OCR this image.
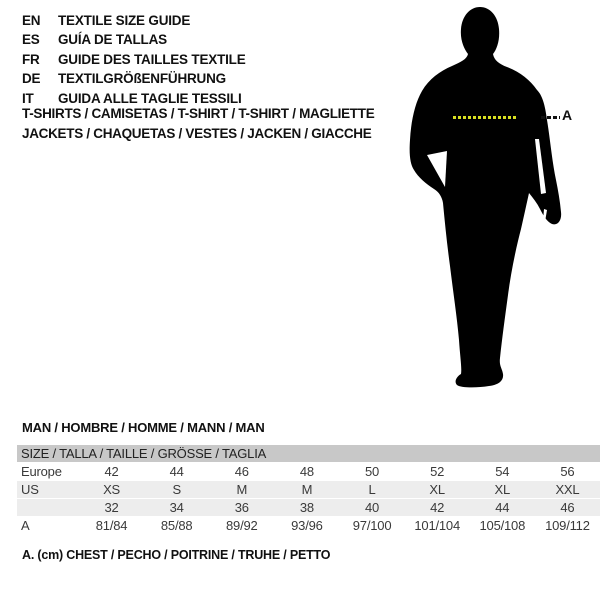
EN	TEXTILE SIZE GUIDE
ES	GUÍA DE TALLAS
FR	GUIDE DES TAILLES TEXTILE
DE	TEXTILGRÖßENFÜHRUNG
IT	GUIDA ALLE TAGLIE TESSILI
T-SHIRTS / CAMISETAS / T-SHIRT / T-SHIRT / MAGLIETTE
JACKETS / CHAQUETAS / VESTES / JACKEN / GIACCHE
A
MAN / HOMBRE / HOMME / MANN / MAN
SIZE / TALLA / TAILLE / GRÖSSE / TAGLIA								
Europe	42	44	46	48	50	52	54	56
US	XS	S	M	M	L	XL	XL	XXL
	32	34	36	38	40	42	44	46
A	81/84	85/88	89/92	93/96	97/100	101/104	105/108	109/112

A. (cm) CHEST / PECHO / POITRINE / TRUHE / PETTO
